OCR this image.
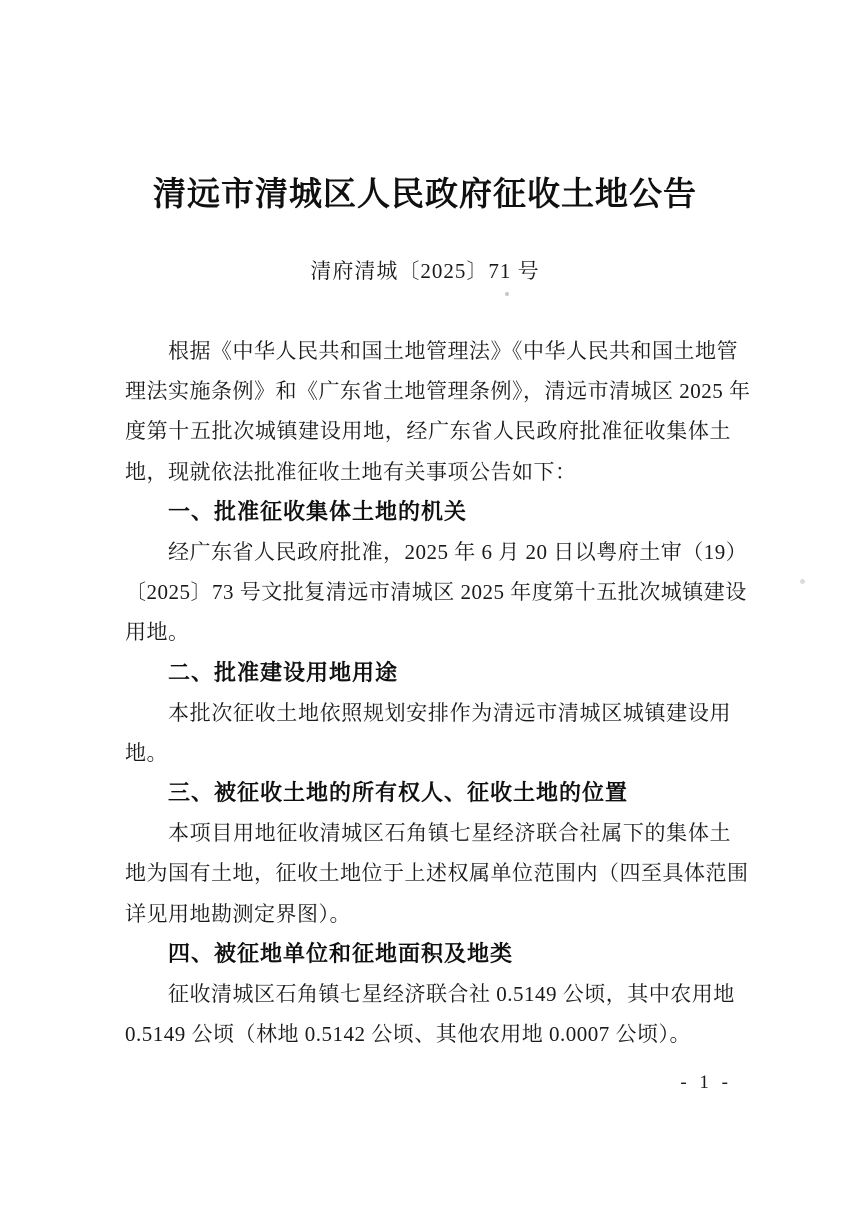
清远市清城区人民政府征收土地公告
清府清城〔2025〕71 号
根据《中华人民共和国土地管理法》《中华人民共和国土地管
理法实施条例》和《广东省土地管理条例》，清远市清城区 2025 年
度第十五批次城镇建设用地，经广东省人民政府批准征收集体土
地，现就依法批准征收土地有关事项公告如下：
一、批准征收集体土地的机关
经广东省人民政府批准，2025 年 6 月 20 日以粤府土审（19）
〔2025〕73 号文批复清远市清城区 2025 年度第十五批次城镇建设
用地。
二、批准建设用地用途
本批次征收土地依照规划安排作为清远市清城区城镇建设用
地。
三、被征收土地的所有权人、征收土地的位置
本项目用地征收清城区石角镇七星经济联合社属下的集体土
地为国有土地，征收土地位于上述权属单位范围内（四至具体范围
详见用地勘测定界图）。
四、被征地单位和征地面积及地类
征收清城区石角镇七星经济联合社 0.5149 公顷，其中农用地
0.5149 公顷（林地 0.5142 公顷、其他农用地 0.0007 公顷）。
- 1 -
